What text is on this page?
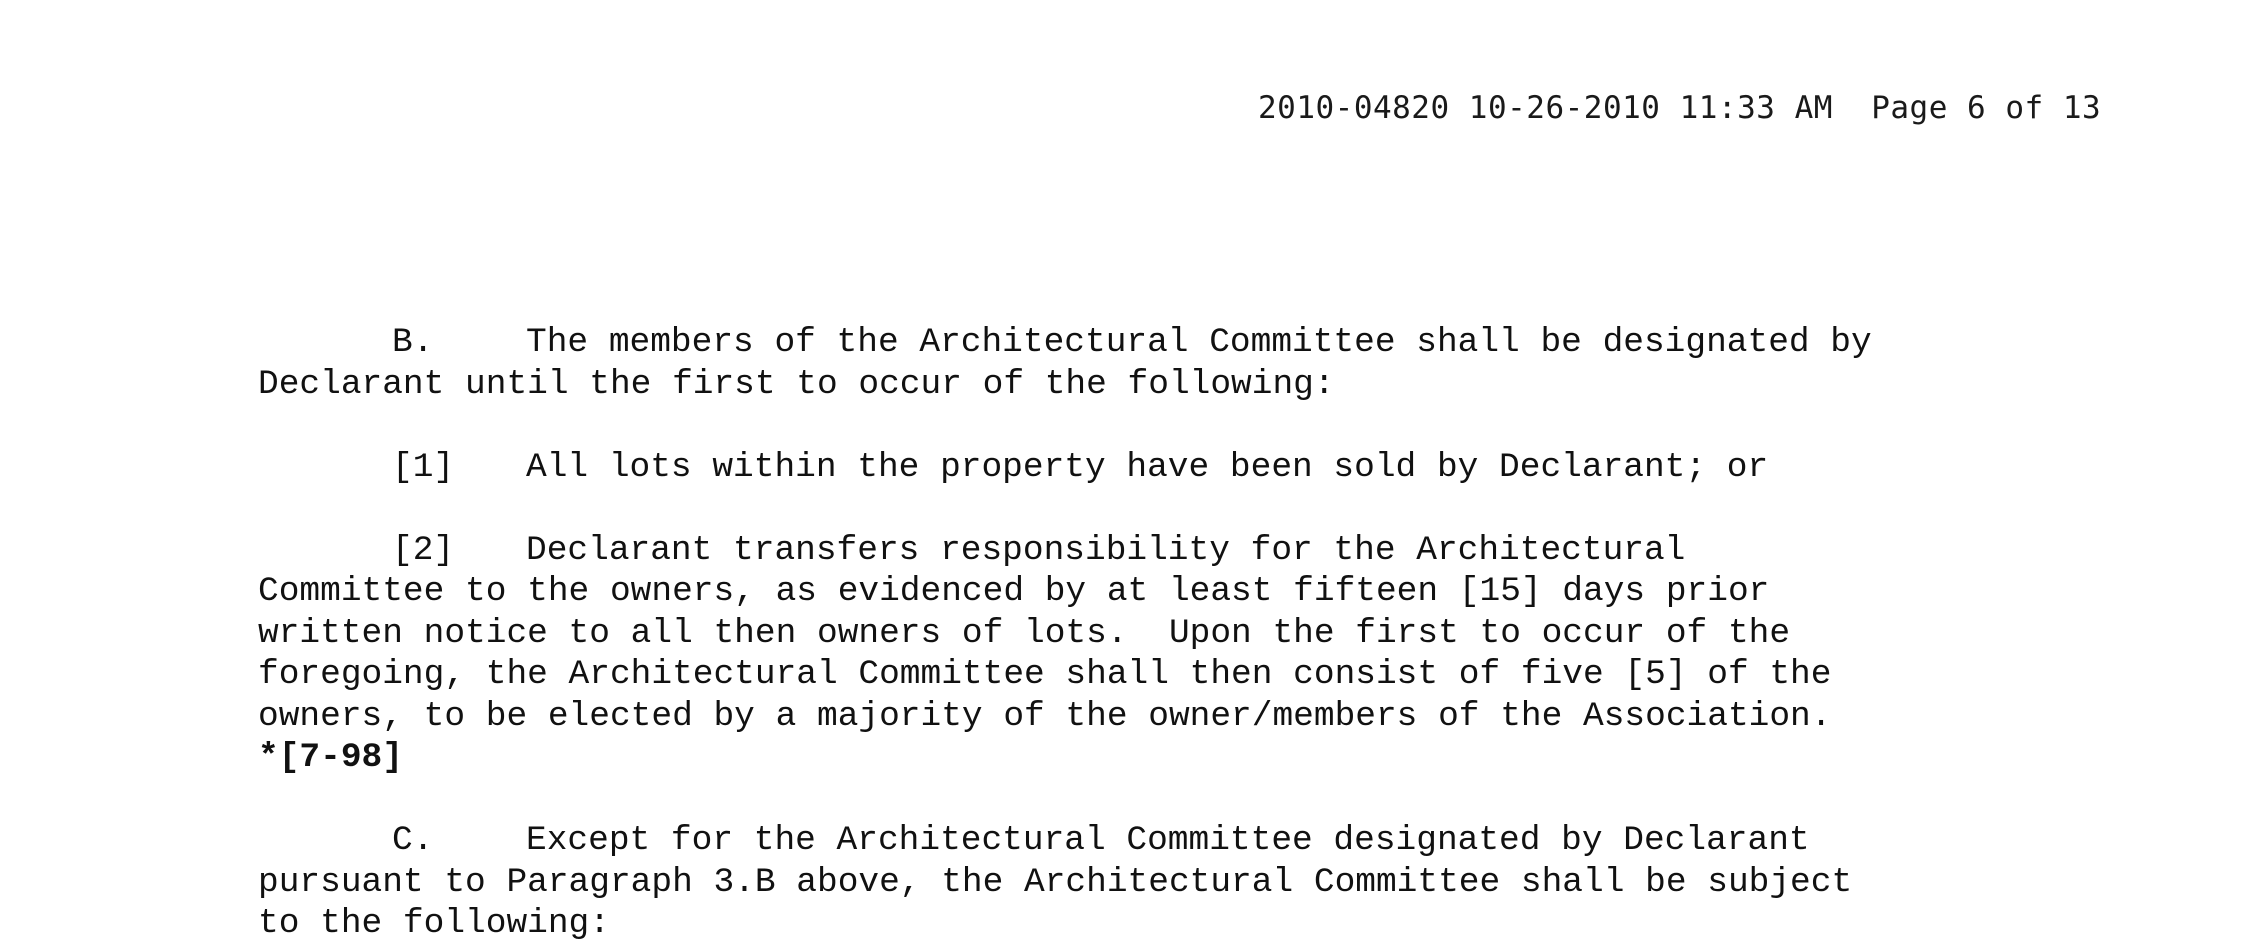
2010-04820 10-26-2010 11:33 AM  Page 6 of 13
B.	The members of the Architectural Committee shall be designated by
Declarant until the first to occur of the following:
[1] All lots within the property have been sold by Declarant; or
[2] Declarant transfers responsibility for the Architectural
Committee to the owners, as evidenced by at least fifteen [15] days prior
written notice to all then owners of lots.  Upon the first to occur of the
foregoing, the Architectural Committee shall then consist of five [5] of the
owners, to be elected by a majority of the owner/members of the Association.
*[7-98]
C.	Except for the Architectural Committee designated by Declarant
pursuant to Paragraph 3.B above, the Architectural Committee shall be subject
to the following:
